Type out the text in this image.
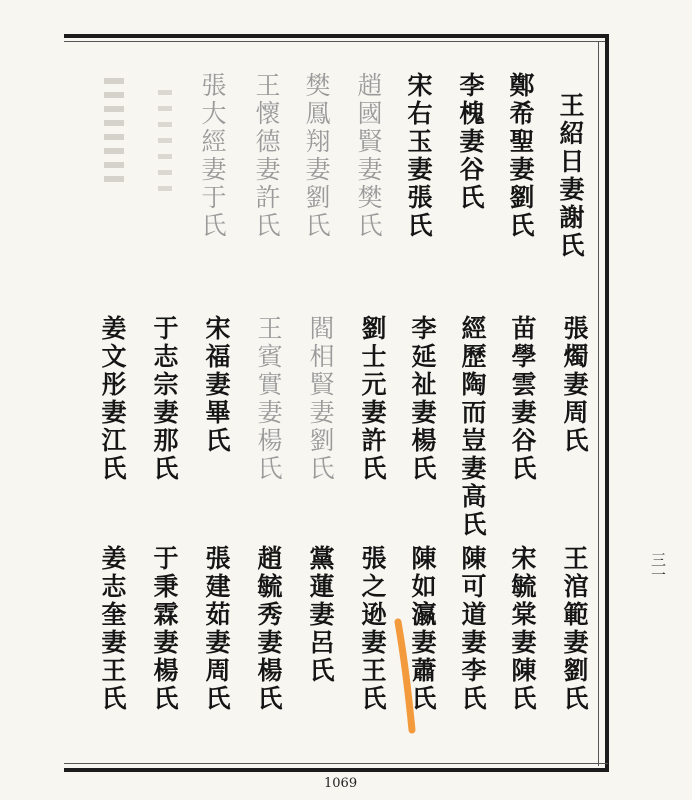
王紹日妻謝氏
張燭妻周氏
王涫範妻劉氏
鄭希聖妻劉氏
苗學雲妻谷氏
宋毓棠妻陳氏
李槐妻谷氏
經歷陶而豈妻高氏
陳可道妻李氏
宋右玉妻張氏
李延祉妻楊氏
陳如瀛妻蕭氏
趙國賢妻樊氏
劉士元妻許氏
張之逊妻王氏
樊鳳翔妻劉氏
閻相賢妻劉氏
黨蓮妻呂氏
王懷德妻許氏
王賓實妻楊氏
趙毓秀妻楊氏
張大經妻于氏
宋福妻畢氏
張建茹妻周氏
于志宗妻那氏
于秉霖妻楊氏
姜文彤妻江氏
姜志奎妻王氏	三一
1069
